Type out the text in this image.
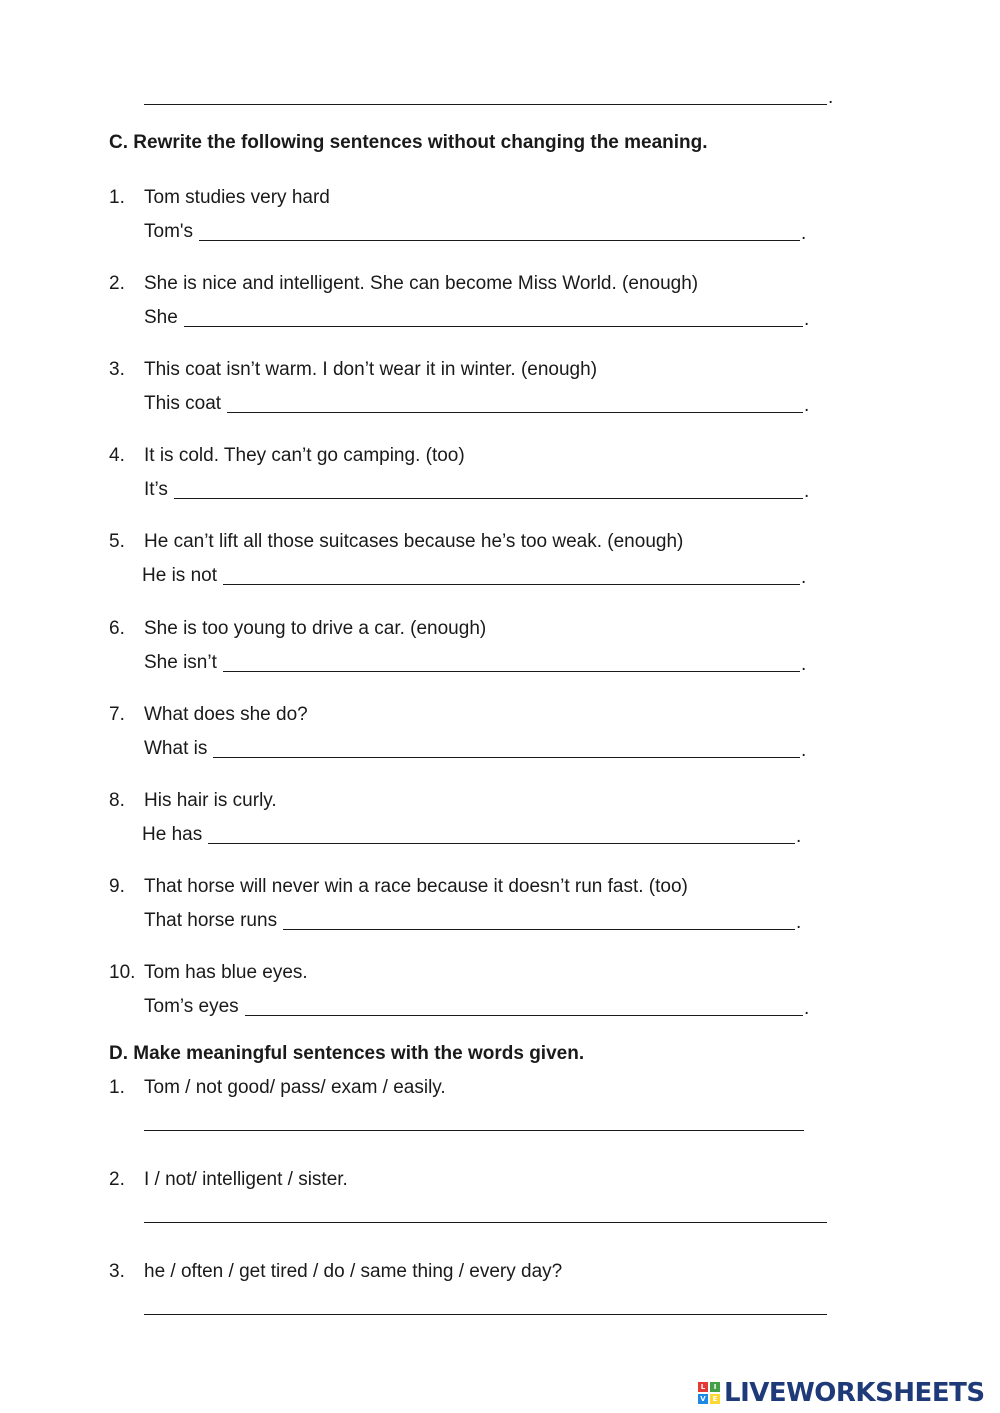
.
C. Rewrite the following sentences without changing the meaning.
1. Tom studies very hard
Tom's	.
2. She is nice and intelligent. She can become Miss World. (enough)
She	.
3. This coat isn’t warm. I don’t wear it in winter. (enough)
This coat	.
4. It is cold. They can’t go camping. (too)
It’s	.
5. He can’t lift all those suitcases because he’s too weak. (enough)
He is not	.
6. She is too young to drive a car. (enough)
She isn’t	.
7. What does she do?
What is	.
8. His hair is curly.
He has	.
9. That horse will never win a race because it doesn’t run fast. (too)
That horse runs	.
10. Tom has blue eyes.
Tom’s eyes	.
D. Make meaningful sentences with the words given.
1. Tom / not good/ pass/ exam / easily.
2. I / not/ intelligent / sister.
3. he / often / get tired / do / same thing / every day?
L	I
V E LIVEWORKSHEETS
